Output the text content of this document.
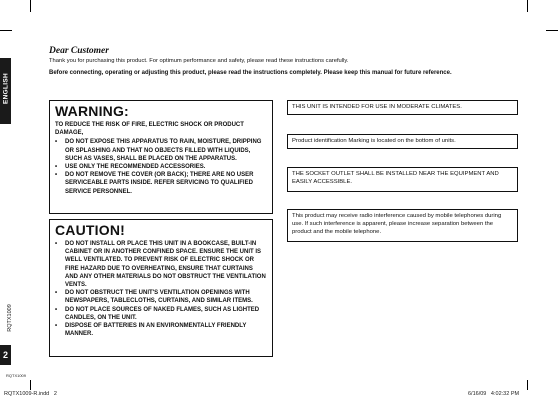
ENGLISH
RQTX1009
2
RQTX1009
Dear Customer
Thank you for purchasing this product. For optimum performance and safety, please read these instructions carefully.
Before connecting, operating or adjusting this product, please read the instructions completely. Please keep this manual for future reference.
WARNING:
TO REDUCE THE RISK OF FIRE, ELECTRIC SHOCK OR PRODUCT DAMAGE,
• DO NOT EXPOSE THIS APPARATUS TO RAIN, MOISTURE, DRIPPING OR SPLASHING AND THAT NO OBJECTS FILLED WITH LIQUIDS, SUCH AS VASES, SHALL BE PLACED ON THE APPARATUS.
• USE ONLY THE RECOMMENDED ACCESSORIES.
• DO NOT REMOVE THE COVER (OR BACK); THERE ARE NO USER SERVICEABLE PARTS INSIDE. REFER SERVICING TO QUALIFIED SERVICE PERSONNEL.
CAUTION!
• DO NOT INSTALL OR PLACE THIS UNIT IN A BOOKCASE, BUILT-IN CABINET OR IN ANOTHER CONFINED SPACE. ENSURE THE UNIT IS WELL VENTILATED. TO PREVENT RISK OF ELECTRIC SHOCK OR FIRE HAZARD DUE TO OVERHEATING, ENSURE THAT CURTAINS AND ANY OTHER MATERIALS DO NOT OBSTRUCT THE VENTILATION VENTS.
• DO NOT OBSTRUCT THE UNIT'S VENTILATION OPENINGS WITH NEWSPAPERS, TABLECLOTHS, CURTAINS, AND SIMILAR ITEMS.
• DO NOT PLACE SOURCES OF NAKED FLAMES, SUCH AS LIGHTED CANDLES, ON THE UNIT.
• DISPOSE OF BATTERIES IN AN ENVIRONMENTALLY FRIENDLY MANNER.
THIS UNIT IS INTENDED FOR USE IN MODERATE CLIMATES.
Product identification Marking is located on the bottom of units.
THE SOCKET OUTLET SHALL BE INSTALLED NEAR THE EQUIPMENT AND EASILY ACCESSIBLE.
This product may receive radio interference caused by mobile telephones during use. If such interference is apparent, please increase separation between the product and the mobile telephone.
RQTX1009-R.indd   2	6/16/09   4:02:32 PM
